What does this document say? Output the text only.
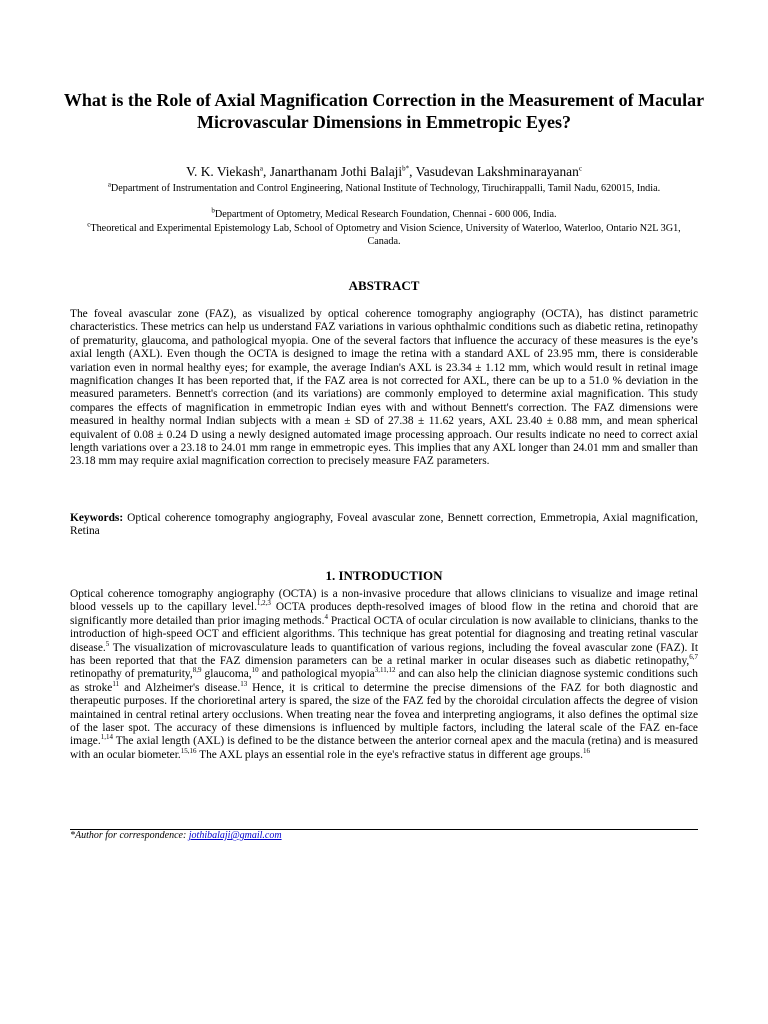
What is the Role of Axial Magnification Correction in the Measurement of Macular Microvascular Dimensions in Emmetropic Eyes?
V. K. Viekash$^a$, Janarthanam Jothi Balaji$^{b*}$, Vasudevan Lakshminarayanan$^c$
$^a$Department of Instrumentation and Control Engineering, National Institute of Technology, Tiruchirappalli, Tamil Nadu, 620015, India.
$^b$Department of Optometry, Medical Research Foundation, Chennai - 600 006, India.
$^c$Theoretical and Experimental Epistemology Lab, School of Optometry and Vision Science, University of Waterloo, Waterloo, Ontario N2L 3G1, Canada.
ABSTRACT
The foveal avascular zone (FAZ), as visualized by optical coherence tomography angiography (OCTA), has distinct parametric characteristics. These metrics can help us understand FAZ variations in various ophthalmic conditions such as diabetic retina, retinopathy of prematurity, glaucoma, and pathological myopia. One of the several factors that influence the accuracy of these measures is the eye’s axial length (AXL). Even though the OCTA is designed to image the retina with a standard AXL of 23.95 mm, there is considerable variation even in normal healthy eyes; for example, the average Indian's AXL is 23.34 ± 1.12 mm, which would result in retinal image magnification changes It has been reported that, if the FAZ area is not corrected for AXL, there can be up to a 51.0 % deviation in the measured parameters. Bennett's correction (and its variations) are commonly employed to determine axial magnification. This study compares the effects of magnification in emmetropic Indian eyes with and without Bennett's correction. The FAZ dimensions were measured in healthy normal Indian subjects with a mean ± SD of 27.38 ± 11.62 years, AXL 23.40 ± 0.88 mm, and mean spherical equivalent of 0.08 ± 0.24 D using a newly designed automated image processing approach. Our results indicate no need to correct axial length variations over a 23.18 to 24.01 mm range in emmetropic eyes. This implies that any AXL longer than 24.01 mm and smaller than 23.18 mm may require axial magnification correction to precisely measure FAZ parameters.
Keywords: Optical coherence tomography angiography, Foveal avascular zone, Bennett correction, Emmetropia, Axial magnification, Retina
1. INTRODUCTION
Optical coherence tomography angiography (OCTA) is a non-invasive procedure that allows clinicians to visualize and image retinal blood vessels up to the capillary level.$^{1,2,3}$ OCTA produces depth-resolved images of blood flow in the retina and choroid that are significantly more detailed than prior imaging methods.$^4$ Practical OCTA of ocular circulation is now available to clinicians, thanks to the introduction of high-speed OCT and efficient algorithms. This technique has great potential for diagnosing and treating retinal vascular disease.$^5$ The visualization of microvasculature leads to quantification of various regions, including the foveal avascular zone (FAZ). It has been reported that that the FAZ dimension parameters can be a retinal marker in ocular diseases such as diabetic retinopathy,$^{6,7}$ retinopathy of prematurity,$^{8,9}$ glaucoma,$^{10}$ and pathological myopia$^{3,11,12}$ and can also help the clinician diagnose systemic conditions such as stroke$^{11}$ and Alzheimer's disease.$^{13}$ Hence, it is critical to determine the precise dimensions of the FAZ for both diagnostic and therapeutic purposes. If the chorioretinal artery is spared, the size of the FAZ fed by the choroidal circulation affects the degree of vision maintained in central retinal artery occlusions. When treating near the fovea and interpreting angiograms, it also defines the optimal size of the laser spot. The accuracy of these dimensions is influenced by multiple factors, including the lateral scale of the FAZ en-face image.$^{1,14}$ The axial length (AXL) is defined to be the distance between the anterior corneal apex and the macula (retina) and is measured with an ocular biometer.$^{15,16}$ The AXL plays an essential role in the eye's refractive status in different age groups.$^{16}$
*Author for correspondence: jothibalaji@gmail.com
